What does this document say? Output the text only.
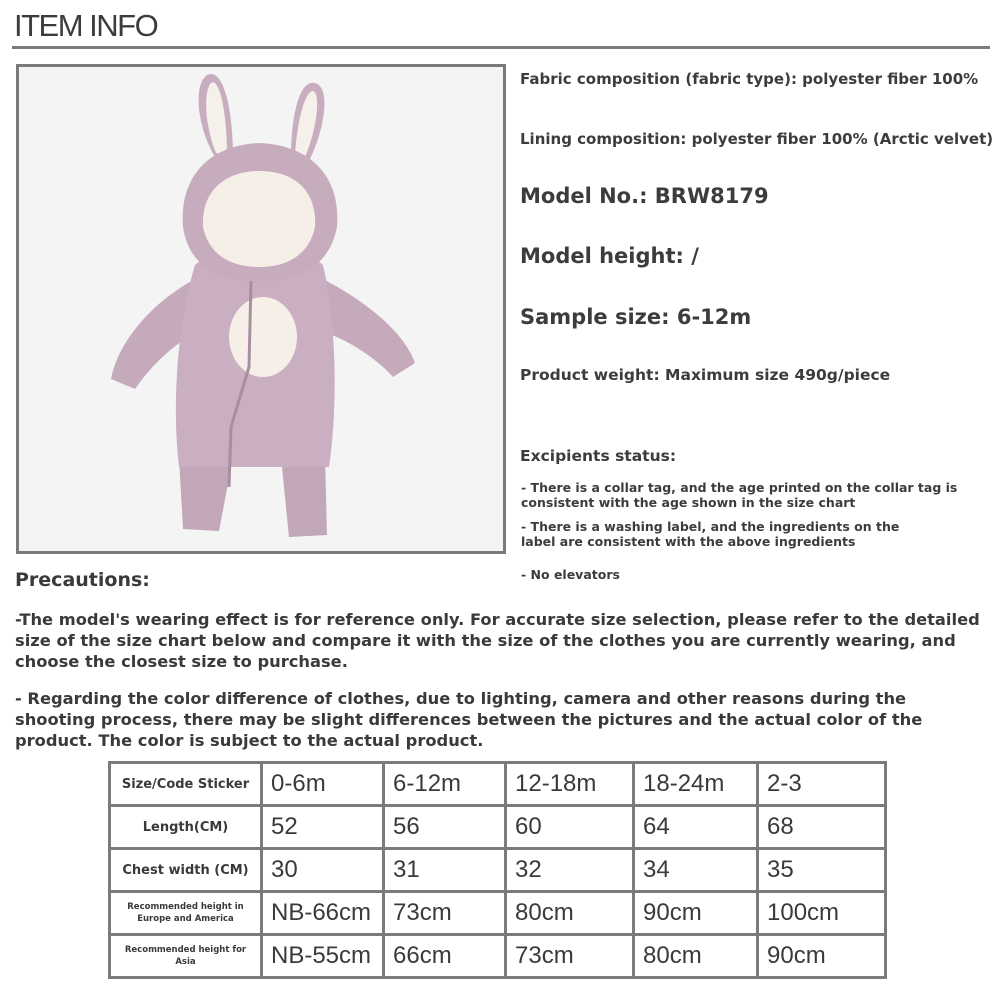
ITEM INFO
Fabric composition (fabric type): polyester fiber 100%
Lining composition: polyester fiber 100% (Arctic velvet)
Model No.: BRW8179
Model height: /
Sample size: 6-12m
Product weight: Maximum size 490g/piece
Excipients status:
- There is a collar tag, and the age printed on the collar tag is consistent with the age shown in the size chart
- There is a washing label, and the ingredients on the label are consistent with the above ingredients
- No elevators
Precautions:
-The model's wearing effect is for reference only. For accurate size selection, please refer to the detailed size of the size chart below and compare it with the size of the clothes you are currently wearing, and choose the closest size to purchase.
- Regarding the color difference of clothes, due to lighting, camera and other reasons during the shooting process, there may be slight differences between the pictures and the actual color of the product. The color is subject to the actual product.
Size/Code Sticker	0-6m	6-12m	12-18m	18-24m	2-3
Length(CM)	52	56	60	64	68
Chest width (CM)	30	31	32	34	35
Recommended height in Europe and America	NB-66cm	73cm	80cm	90cm	100cm
Recommended height for Asia	NB-55cm	66cm	73cm	80cm	90cm
